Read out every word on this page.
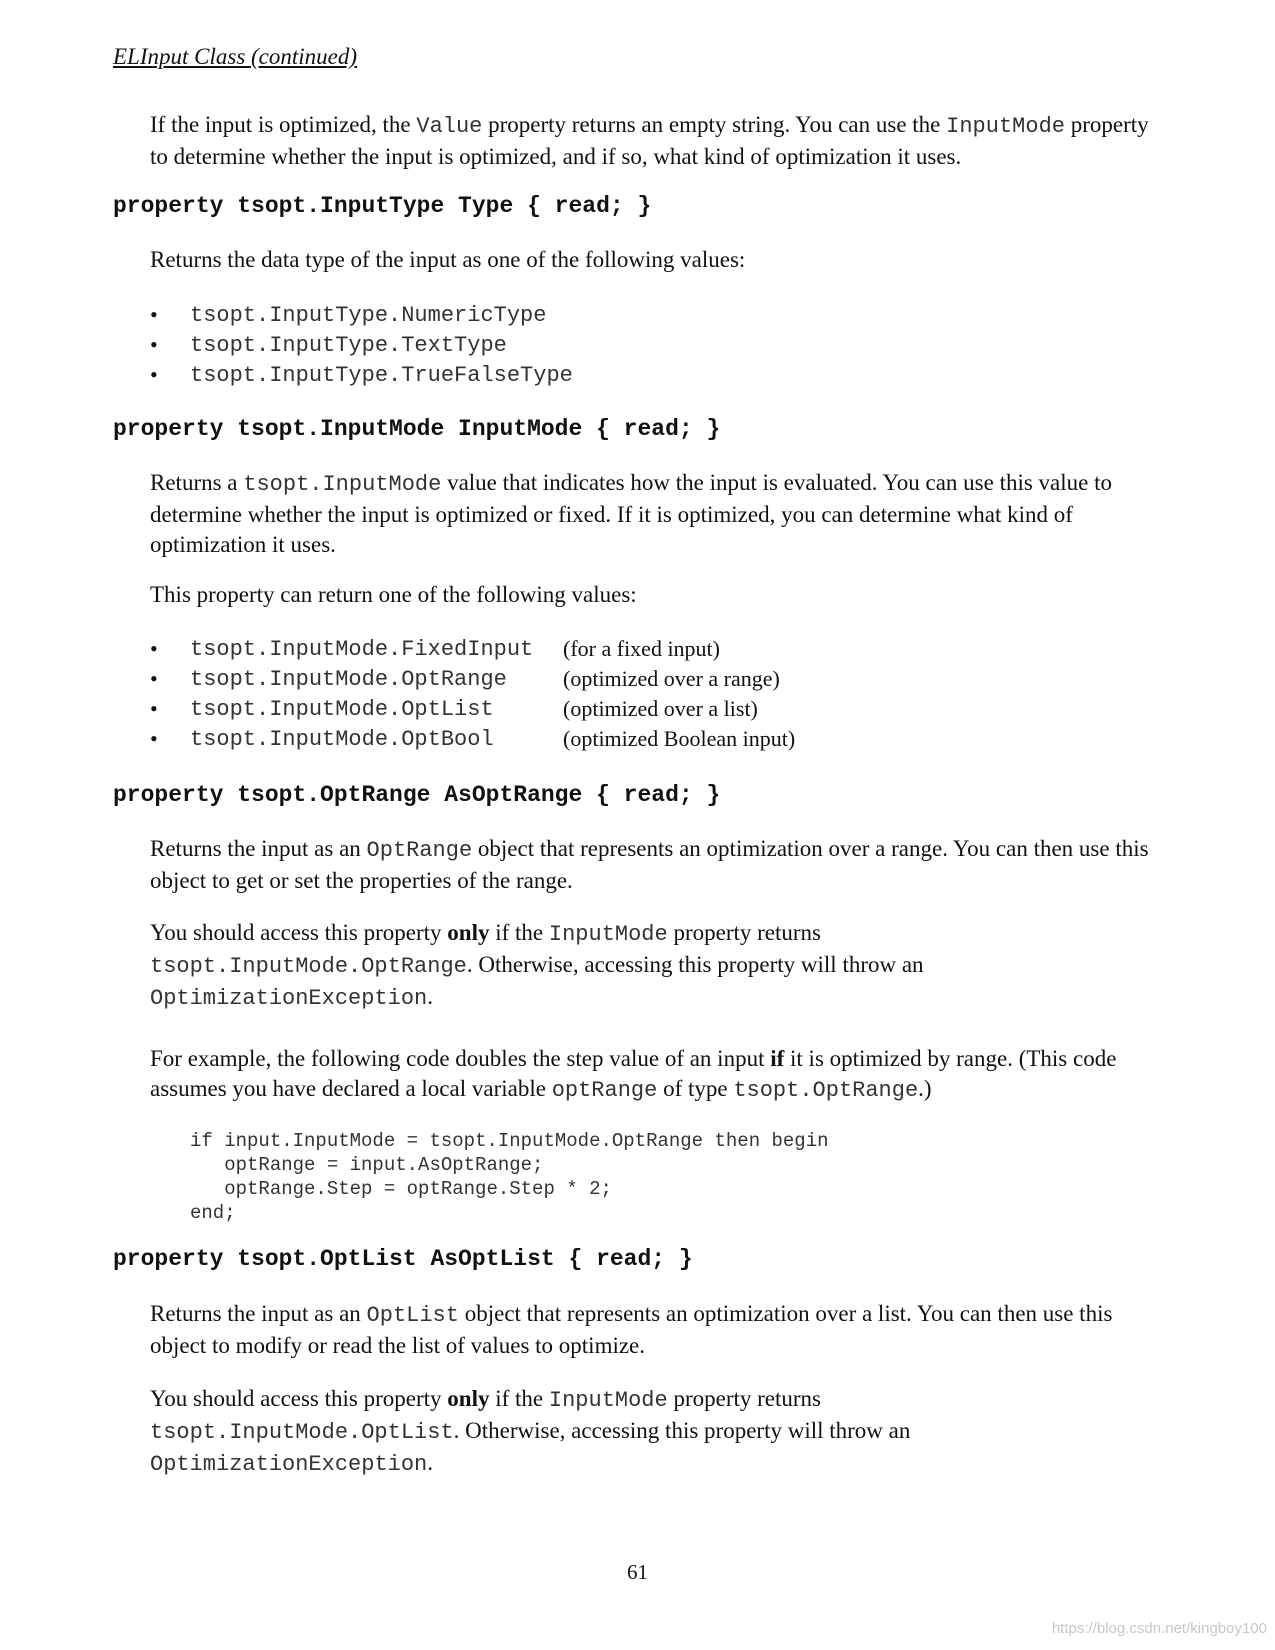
ELInput Class (continued)

If the input is optimized, the Value property returns an empty string. You can use the InputMode property to determine whether the input is optimized, and if so, what kind of optimization it uses.

property tsopt.InputType Type { read; }

Returns the data type of the input as one of the following values:

•	tsopt.InputType.NumericType
•	tsopt.InputType.TextType
•	tsopt.InputType.TrueFalseType
property tsopt.InputMode InputMode { read; }

Returns a tsopt.InputMode value that indicates how the input is evaluated. You can use this value to determine whether the input is optimized or fixed. If it is optimized, you can determine what kind of optimization it uses.

This property can return one of the following values:

•	tsopt.InputMode.FixedInput	(for a fixed input)
•	tsopt.InputMode.OptRange	(optimized over a range)
•	tsopt.InputMode.OptList	(optimized over a list)
•	tsopt.InputMode.OptBool	(optimized Boolean input)
property tsopt.OptRange AsOptRange { read; }

Returns the input as an OptRange object that represents an optimization over a range. You can then use this object to get or set the properties of the range.

You should access this property only if the InputMode property returns
tsopt.InputMode.OptRange. Otherwise, accessing this property will throw an
OptimizationException.

For example, the following code doubles the step value of an input if it is optimized by range. (This code assumes you have declared a local variable optRange of type tsopt.OptRange.)

if input.InputMode = tsopt.InputMode.OptRange then begin
optRange = input.AsOptRange;
optRange.Step = optRange.Step * 2;
end;
property tsopt.OptList AsOptList { read; }

Returns the input as an OptList object that represents an optimization over a list. You can then use this object to modify or read the list of values to optimize.

You should access this property only if the InputMode property returns
tsopt.InputMode.OptList. Otherwise, accessing this property will throw an
OptimizationException.

61
https://blog.csdn.net/kingboy100
